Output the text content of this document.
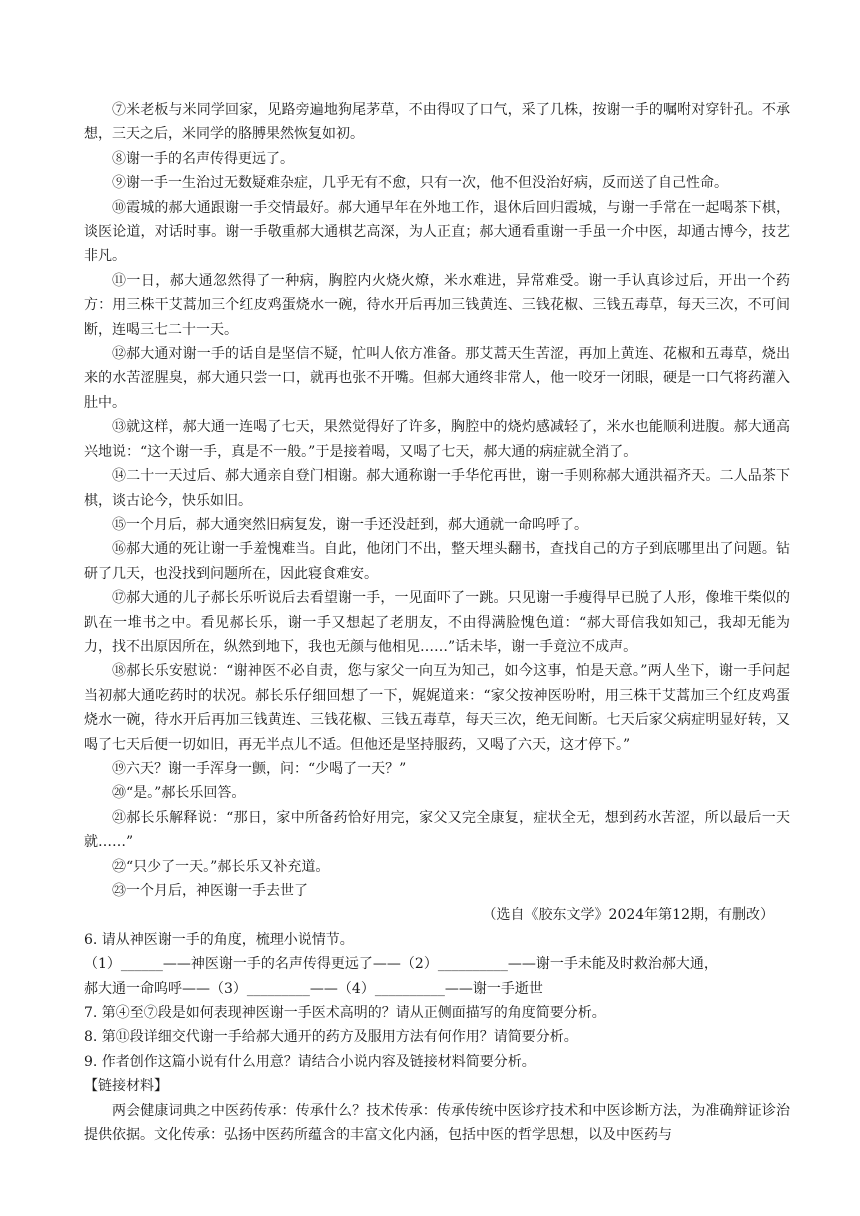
⑦米老板与米同学回家，见路旁遍地狗尾茅草，不由得叹了口气，采了几株，按谢一手的嘱咐对穿针孔。不承想，三天之后，米同学的胳膊果然恢复如初。

⑧谢一手的名声传得更远了。

⑨谢一手一生治过无数疑难杂症，几乎无有不愈，只有一次，他不但没治好病，反而送了自己性命。

⑩霞城的郝大通跟谢一手交情最好。郝大通早年在外地工作，退休后回归霞城，与谢一手常在一起喝茶下棋，谈医论道，对话时事。谢一手敬重郝大通棋艺高深，为人正直；郝大通看重谢一手虽一介中医，却通古博今，技艺非凡。

⑪一日，郝大通忽然得了一种病，胸腔内火烧火燎，米水难进，异常难受。谢一手认真诊过后，开出一个药方：用三株干艾蒿加三个红皮鸡蛋烧水一碗，待水开后再加三钱黄连、三钱花椒、三钱五毒草，每天三次，不可间断，连喝三七二十一天。

⑫郝大通对谢一手的话自是坚信不疑，忙叫人依方准备。那艾蒿天生苦涩，再加上黄连、花椒和五毒草，烧出来的水苦涩腥臭，郝大通只尝一口，就再也张不开嘴。但郝大通终非常人，他一咬牙一闭眼，硬是一口气将药灌入肚中。

⑬就这样，郝大通一连喝了七天，果然觉得好了许多，胸腔中的烧灼感减轻了，米水也能顺利进腹。郝大通高兴地说：“这个谢一手，真是不一般。”于是接着喝，又喝了七天，郝大通的病症就全消了。

⑭二十一天过后、郝大通亲自登门相谢。郝大通称谢一手华佗再世，谢一手则称郝大通洪福齐天。二人品茶下棋，谈古论今，快乐如旧。

⑮一个月后，郝大通突然旧病复发，谢一手还没赶到，郝大通就一命呜呼了。

⑯郝大通的死让谢一手羞愧难当。自此，他闭门不出，整天埋头翻书，查找自己的方子到底哪里出了问题。钻研了几天，也没找到问题所在，因此寝食难安。

⑰郝大通的儿子郝长乐听说后去看望谢一手，一见面吓了一跳。只见谢一手瘦得早已脱了人形，像堆干柴似的趴在一堆书之中。看见郝长乐，谢一手又想起了老朋友，不由得满脸愧色道：“郝大哥信我如知己，我却无能为力，找不出原因所在，纵然到地下，我也无颜与他相见……”话未毕，谢一手竟泣不成声。

⑱郝长乐安慰说：“谢神医不必自责，您与家父一向互为知己，如今这事，怕是天意。”两人坐下，谢一手问起当初郝大通吃药时的状况。郝长乐仔细回想了一下，娓娓道来：“家父按神医吩咐，用三株干艾蒿加三个红皮鸡蛋烧水一碗，待水开后再加三钱黄连、三钱花椒、三钱五毒草，每天三次，绝无间断。七天后家父病症明显好转，又喝了七天后便一切如旧，再无半点儿不适。但他还是坚持服药，又喝了六天，这才停下。”

⑲六天？谢一手浑身一颤，问：“少喝了一天？”

⑳“是。”郝长乐回答。

㉑郝长乐解释说：“那日，家中所备药恰好用完，家父又完全康复，症状全无，想到药水苦涩，所以最后一天就……”

㉒“只少了一天。”郝长乐又补充道。

㉓一个月后，神医谢一手去世了

（选自《胶东文学》2024年第12期，有删改）

6. 请从神医谢一手的角度，梳理小说情节。

（1）______——神医谢一手的名声传得更远了——（2）__________——谢一手未能及时救治郝大通，

郝大通一命呜呼——（3）_________——（4）__________——谢一手逝世

7. 第④至⑦段是如何表现神医谢一手医术高明的？请从正侧面描写的角度简要分析。

8. 第⑪段详细交代谢一手给郝大通开的药方及服用方法有何作用？请简要分析。

9. 作者创作这篇小说有什么用意？请结合小说内容及链接材料简要分析。

【链接材料】

两会健康词典之中医药传承：传承什么？技术传承：传承传统中医诊疗技术和中医诊断方法，为准确辩证诊治提供依据。文化传承：弘扬中医药所蕴含的丰富文化内涵，包括中医的哲学思想，以及中医药与
